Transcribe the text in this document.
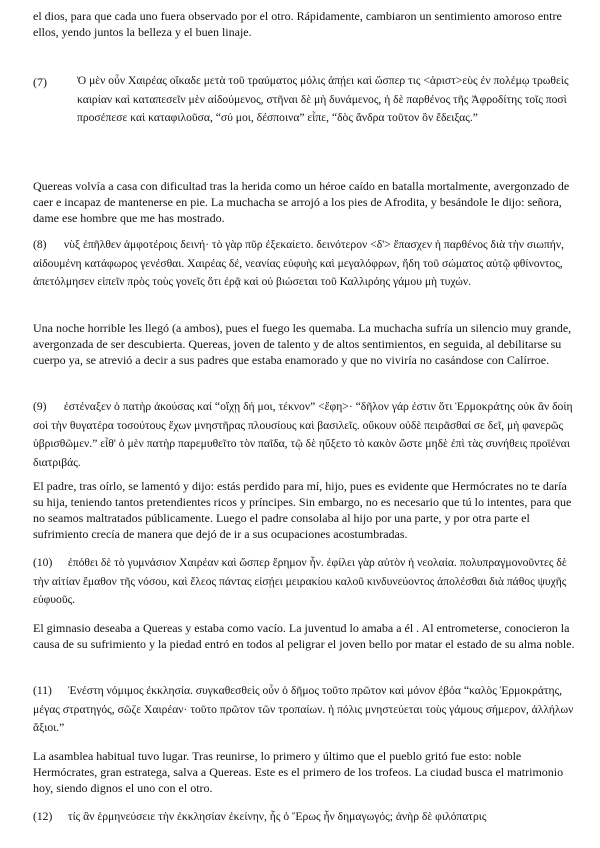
el dios, para que cada uno fuera observado por el otro. Rápidamente, cambiaron un sentimiento amoroso entre ellos, yendo juntos la belleza y el buen linaje.

(7)	Ὁ μὲν οὖν Χαιρέας οἴκαδε μετὰ τοῦ τραύματος μόλις ἀπῄει καὶ ὥσπερ τις <ἀριστ>εὺς ἐν πολέμῳ τρωθεὶς καιρίαν καὶ καταπεσεῖν μὲν αἰδούμενος, στῆναι δὲ μὴ δυνάμενος, ἡ δὲ παρθένος τῆς Ἀφροδίτης τοῖς ποσὶ προσέπεσε καὶ καταφιλοῦσα, “σύ μοι, δέσποινα” εἶπε, “δὸς ἄνδρα τοῦτον ὃν ἔδειξας.”

Quereas volvía a casa con dificultad tras la herida como un héroe caído en batalla mortalmente, avergonzado de caer e incapaz de mantenerse en pie. La muchacha se arrojó a los pies de Afrodita, y besándole le dijo: señora, dame ese hombre que me has mostrado.

(8) νὺξ ἐπῆλθεν ἀμφοτέροις δεινή· τὸ γὰρ πῦρ ἐξεκαίετο. δεινότερον <δ'> ἔπασχεν ἡ παρθένος διὰ τὴν σιωπήν, αἰδουμένη κατάφωρος γενέσθαι. Χαιρέας δέ, νεανίας εὐφυὴς καὶ μεγαλόφρων, ἤδη τοῦ σώματος αὐτῷ φθίνοντος, ἀπετόλμησεν εἰπεῖν πρὸς τοὺς γονεῖς ὅτι ἐρᾷ καὶ οὐ βιώσεται τοῦ Καλλιρόης γάμου μὴ τυχών.

Una noche horrible les llegó (a ambos), pues el fuego les quemaba. La muchacha sufría un silencio muy grande, avergonzada de ser descubierta. Quereas, joven de talento y de altos sentimientos, en seguida, al debilitarse su cuerpo ya, se atrevió a decir a sus padres que estaba enamorado y que no viviría no casándose con Calírroe.

(9) ἐστέναξεν ὁ πατὴρ ἀκούσας καί “οἴχῃ δή μοι, τέκνον” <ἔφη>· “δῆλον γάρ ἐστιν ὅτι Ἑρμοκράτης οὐκ ἂν δοίη σοὶ τὴν θυγατέρα τοσούτους ἔχων μνηστῆρας πλουσίους καὶ βασιλεῖς. οὔκουν οὐδὲ πειρᾶσθαί σε δεῖ, μὴ φανερῶς ὑβρισθῶμεν.” εἶθ' ὁ μὲν πατὴρ παρεμυθεῖτο τὸν παῖδα, τῷ δὲ ηὔξετο τὸ κακὸν ὥστε μηδὲ ἐπὶ τὰς συνήθεις προϊέναι διατριβάς.

El padre, tras oírlo, se lamentó y dijo: estás perdido para mí, hijo, pues es evidente que Hermócrates no te daría su hija, teniendo tantos pretendientes ricos y príncipes. Sin embargo, no es necesario que tú lo intentes, para que no seamos maltratados públicamente. Luego el padre consolaba al hijo por una parte, y por otra parte el sufrimiento crecía de manera que dejó de ir a sus ocupaciones acostumbradas.

(10) ἐπόθει δὲ τὸ γυμνάσιον Χαιρέαν καὶ ὥσπερ ἔρημον ἦν. ἐφίλει γὰρ αὐτὸν ἡ νεολαία. πολυπραγμονοῦντες δὲ τὴν αἰτίαν ἔμαθον τῆς νόσου, καὶ ἔλεος πάντας εἰσῄει μειρακίου καλοῦ κινδυνεύοντος ἀπολέσθαι διὰ πάθος ψυχῆς εὐφυοῦς.

El gimnasio deseaba a Quereas y estaba como vacío. La juventud lo amaba a él . Al entrometerse, conocieron la causa de su sufrimiento y la piedad entró en todos al peligrar el joven bello por matar el estado de su alma noble.

(11) Ἐνέστη νόμιμος ἐκκλησία. συγκαθεσθεὶς οὖν ὁ δῆμος τοῦτο πρῶτον καὶ μόνον ἐβόα “καλὸς Ἑρμοκράτης, μέγας στρατηγός, σῶζε Χαιρέαν· τοῦτο πρῶτον τῶν τροπαίων. ἡ πόλις μνηστεύεται τοὺς γάμους σήμερον, ἀλλήλων ἄξιοι.”

La asamblea habitual tuvo lugar. Tras reunirse, lo primero y último que el pueblo gritó fue esto: noble Hermócrates, gran estratega, salva a Quereas. Este es el primero de los trofeos. La ciudad busca el matrimonio hoy, siendo dignos el uno con el otro.

(12) τίς ἂν ἑρμηνεύσειε τὴν ἐκκλησίαν ἐκείνην, ἧς ὁ Ἔρως ἦν δημαγωγός; ἀνὴρ δὲ φιλόπατρις
